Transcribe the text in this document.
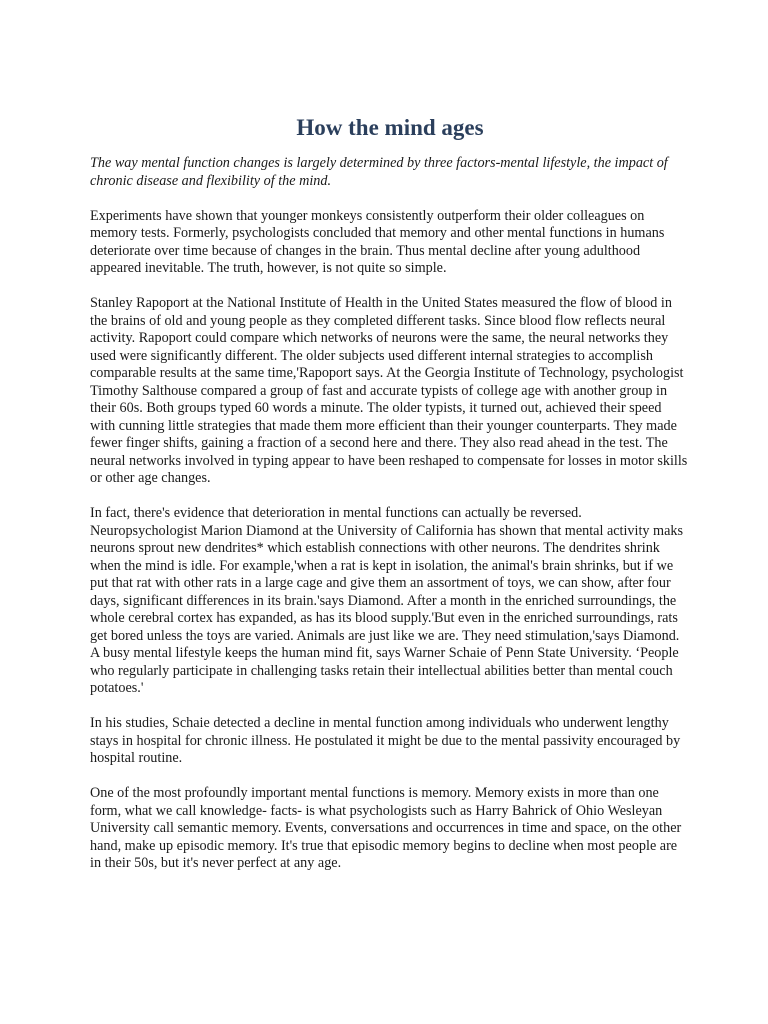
How the mind ages

The way mental function changes is largely determined by three factors-mental lifestyle, the impact of chronic disease and flexibility of the mind.

Experiments have shown that younger monkeys consistently outperform their older colleagues on memory tests. Formerly, psychologists concluded that memory and other mental functions in humans deteriorate over time because of changes in the brain. Thus mental decline after young adulthood appeared inevitable. The truth, however, is not quite so simple.

Stanley Rapoport at the National Institute of Health in the United States measured the flow of blood in the brains of old and young people as they completed different tasks. Since blood flow reflects neural activity. Rapoport could compare which networks of neurons were the same, the neural networks they used were significantly different. The older subjects used different internal strategies to accomplish comparable results at the same time,'Rapoport says. At the Georgia Institute of Technology, psychologist Timothy Salthouse compared a group of fast and accurate typists of college age with another group in their 60s. Both groups typed 60 words a minute. The older typists, it turned out, achieved their speed with cunning little strategies that made them more efficient than their younger counterparts. They made fewer finger shifts, gaining a fraction of a second here and there. They also read ahead in the test. The neural networks involved in typing appear to have been reshaped to compensate for losses in motor skills or other age changes.

In fact, there's evidence that deterioration in mental functions can actually be reversed. Neuropsychologist Marion Diamond at the University of California has shown that mental activity maks neurons sprout new dendrites* which establish connections with other neurons. The dendrites shrink when the mind is idle. For example,'when a rat is kept in isolation, the animal's brain shrinks, but if we put that rat with other rats in a large cage and give them an assortment of toys, we can show, after four days, significant differences in its brain.'says Diamond. After a month in the enriched surroundings, the whole cerebral cortex has expanded, as has its blood supply.'But even in the enriched surroundings, rats get bored unless the toys are varied. Animals are just like we are. They need stimulation,'says Diamond. A busy mental lifestyle keeps the human mind fit, says Warner Schaie of Penn State University. ‘People who regularly participate in challenging tasks retain their intellectual abilities better than mental couch potatoes.'

In his studies, Schaie detected a decline in mental function among individuals who underwent lengthy stays in hospital for chronic illness. He postulated it might be due to the mental passivity encouraged by hospital routine.

One of the most profoundly important mental functions is memory. Memory exists in more than one form, what we call knowledge- facts- is what psychologists such as Harry Bahrick of Ohio Wesleyan University call semantic memory. Events, conversations and occurrences in time and space, on the other hand, make up episodic memory. It's true that episodic memory begins to decline when most people are in their 50s, but it's never perfect at any age.
